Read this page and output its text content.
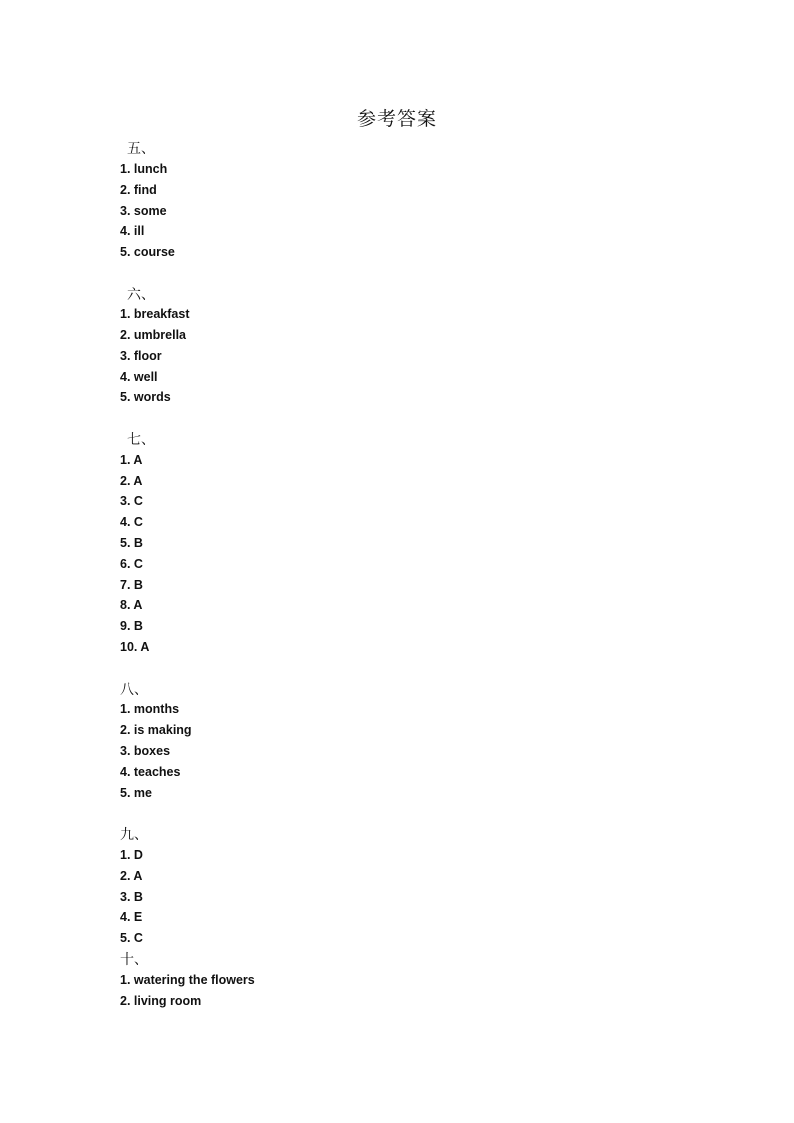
参考答案
五、
1. lunch
2. find
3. some
4. ill
5. course
六、
1. breakfast
2. umbrella
3. floor
4. well
5. words
七、
1. A
2. A
3. C
4. C
5. B
6. C
7. B
8. A
9. B
10. A
八、
1. months
2. is making
3. boxes
4. teaches
5. me
九、
1. D
2. A
3. B
4. E
5. C
十、
1. watering the flowers
2. living room
